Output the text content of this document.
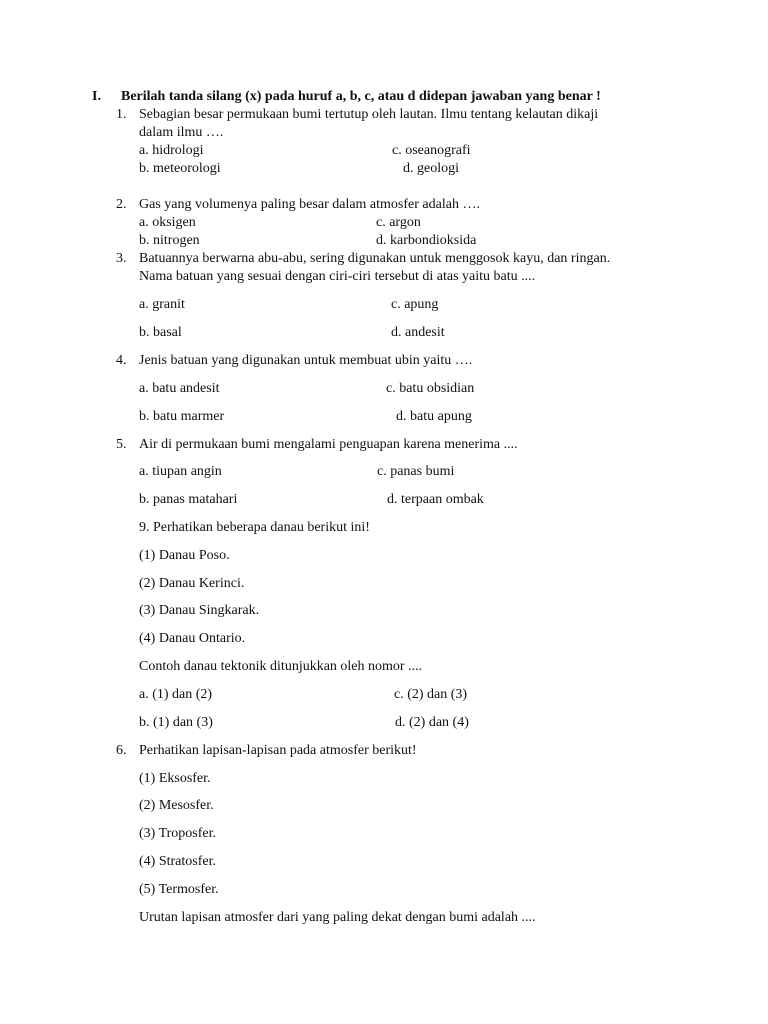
I. Berilah tanda silang (x) pada huruf a, b, c, atau d didepan jawaban yang benar !
1. Sebagian besar permukaan bumi tertutup oleh lautan. Ilmu tentang kelautan dikaji
dalam ilmu ….
a. hidrologi	c. oseanografi
b. meteorologi	d. geologi
2. Gas yang volumenya paling besar dalam atmosfer adalah ….
a. oksigen	c. argon
b. nitrogen	d. karbondioksida
3. Batuannya berwarna abu-abu, sering digunakan untuk menggosok kayu, dan ringan.
Nama batuan yang sesuai dengan ciri-ciri tersebut di atas yaitu batu ....
a. granit	c. apung
b. basal	d. andesit
4. Jenis batuan yang digunakan untuk membuat ubin yaitu ….
a. batu andesit	c. batu obsidian
b. batu marmer	d. batu apung
5. Air di permukaan bumi mengalami penguapan karena menerima ....
a. tiupan angin	c. panas bumi
b. panas matahari	d. terpaan ombak
9. Perhatikan beberapa danau berikut ini!
(1) Danau Poso.
(2) Danau Kerinci.
(3) Danau Singkarak.
(4) Danau Ontario.
Contoh danau tektonik ditunjukkan oleh nomor ....
a. (1) dan (2)	c. (2) dan (3)
b. (1) dan (3)	d. (2) dan (4)
6. Perhatikan lapisan-lapisan pada atmosfer berikut!
(1) Eksosfer.
(2) Mesosfer.
(3) Troposfer.
(4) Stratosfer.
(5) Termosfer.
Urutan lapisan atmosfer dari yang paling dekat dengan bumi adalah ....
